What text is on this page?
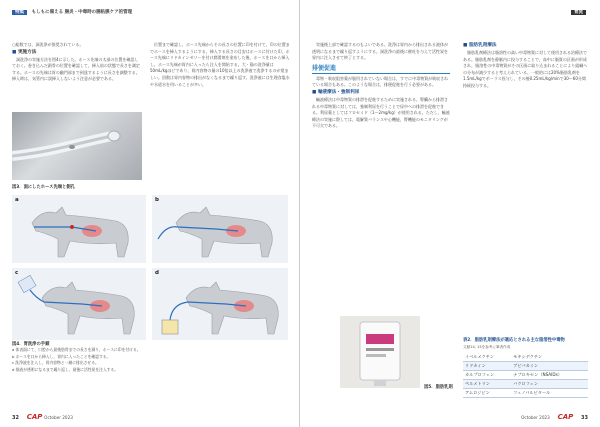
特集 もしもに備える 腸炎・中毒時の腸粘膜ケア的管理

○総数では，洞洗浄が推奨されている。

■ 実施方法

洞洗浄の実施方法を図4に示した。ホース先端の太部の位置を確認しておく。巻き込んだ鎖骨の位置を確認して，挿入前の状態で長さを測定する。ホースの先端は胃の幽門部まで到達するように長さを調整する。挿入時は，気管内に誤挿入しないよう注意が必要である。

位置まで確認し，ホース先端からその長さの位置に印を付けて，印の位置までホースを挿入するようにする。挿入する長さの目安はホースに付けた印，ホース先端にリドカインゼリーを付け潤滑剤を塗布した後，ホースを口から挿入し，ホース先端が胃内に入ったら注入を開始する。大・猫の洗浄量は50mL/kgほどであり，胃内容物の量の10倍以上の洗浄液で洗浄するのが望ましい。回数は胃内容物の排出がなくなるまで繰り返す。洗浄液には生理食塩水や水道水を用いることが多い。

図3．面にしたホース先端と側孔
a	b
c	d
図4．胃洗浄の手順
a 体表面にて，口腔から最後肋骨までの長さを測り，ホースに印を付ける。
b ホースを口から挿入し，胃内に入ったことを確認する。
c 洗浄液を注入し，胃内容物と一緒に排出させる。
d 排液が透明になるまで繰り返し，最後に活性炭を注入する。
32 CAP October 2023
胃洗

実施後上部で確認するのもよいである。洗浄は胃内から排出される液体が透明になるまで繰り返すようにする。洞洗浄の最後に催吐を与えて活性炭を胃内に注入させて終了とする。

排便促進

毒物・吸収阻害薬が服用されていない場合は，すでに中毒物質が吸収されている場合もある。このような場合は，排便促進を行う必要がある。

■ 輸液療法・強制利尿

輸液療法は中毒物質の排泄を促進するために実施される。腎臓から排泄される中毒物質に対しては，強制利尿を行うことで尿中への排泄を促進できる。利尿薬としてはフロセミド（1〜2mg/kg）が使用される。ただし，輸液療法の実施に際しては，電解質バランスや心機能，腎機能のモニタリングが不可欠である。

図5．脂肪乳剤
■ 脂肪乳剤療法

脂肪乳剤療法は脂溶性の高い中毒物質に対して使用される治療法である。脂肪乳剤を静脈内に投与することで，血中に脂質の区画が形成され，脂溶性の中毒物質がその区画に取り込まれることにより組織への分布が減少すると考えられている。一般的には20%脂肪乳剤を1.5mL/kgでボーラス投与し，その後0.25mL/kg/minで30〜60分間持続投与する。

表2．脂肪乳剤療法が適応とされる主な脂溶性中毒物
文献14, 15を参考に筆者作成
イベルメクチン	モキシデクチン
リドカイン	ブピバカイン
カルプロフェン	ナプロキセン（NSAIDs）
ペルメトリン	バクロフェン
アムロジピン	フェノバルビタール
October 2023 CAP 33
